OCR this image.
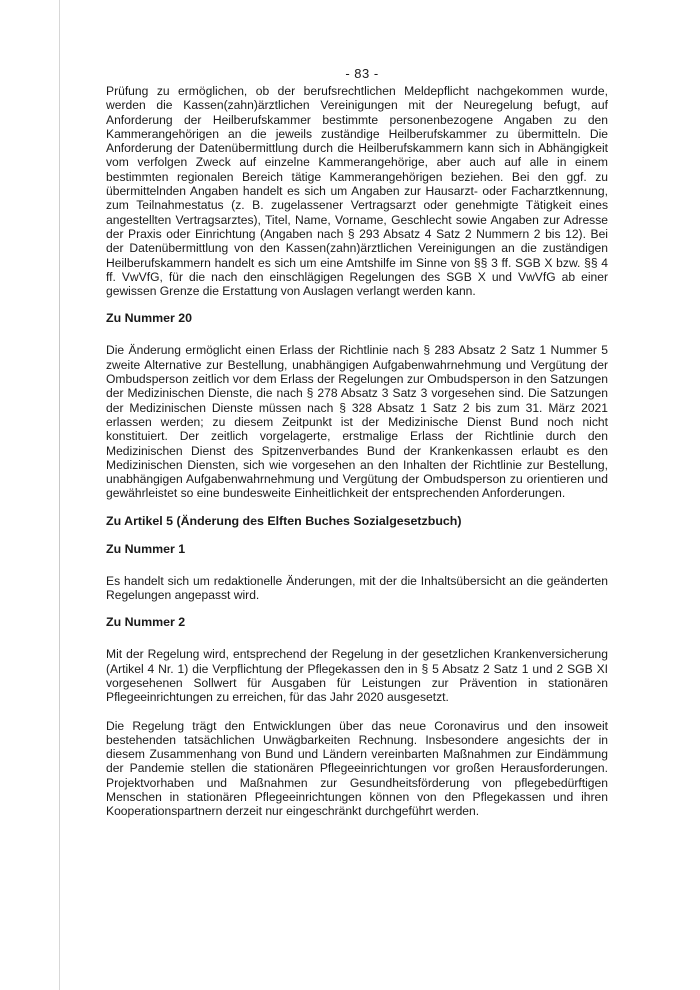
- 83 -

Prüfung zu ermöglichen, ob der berufsrechtlichen Meldepflicht nachgekommen wurde, werden die Kassen(zahn)ärztlichen Vereinigungen mit der Neuregelung befugt, auf Anforderung der Heilberufskammer bestimmte personenbezogene Angaben zu den Kammerangehörigen an die jeweils zuständige Heilberufskammer zu übermitteln. Die Anforderung der Datenübermittlung durch die Heilberufskammern kann sich in Abhängigkeit vom verfolgen Zweck auf einzelne Kammerangehörige, aber auch auf alle in einem bestimmten regionalen Bereich tätige Kammerangehörigen beziehen. Bei den ggf. zu übermittelnden Angaben handelt es sich um Angaben zur Hausarzt- oder Facharztkennung, zum Teilnahmestatus (z. B. zugelassener Vertragsarzt oder genehmigte Tätigkeit eines angestellten Vertragsarztes), Titel, Name, Vorname, Geschlecht sowie Angaben zur Adresse der Praxis oder Einrichtung (Angaben nach § 293 Absatz 4 Satz 2 Nummern 2 bis 12). Bei der Datenübermittlung von den Kassen(zahn)ärztlichen Vereinigungen an die zuständigen Heilberufskammern handelt es sich um eine Amtshilfe im Sinne von §§ 3 ff. SGB X bzw. §§ 4 ff. VwVfG, für die nach den einschlägigen Regelungen des SGB X und VwVfG ab einer gewissen Grenze die Erstattung von Auslagen verlangt werden kann.

Zu Nummer 20

Die Änderung ermöglicht einen Erlass der Richtlinie nach § 283 Absatz 2 Satz 1 Nummer 5 zweite Alternative zur Bestellung, unabhängigen Aufgabenwahrnehmung und Vergütung der Ombudsperson zeitlich vor dem Erlass der Regelungen zur Ombudsperson in den Satzungen der Medizinischen Dienste, die nach § 278 Absatz 3 Satz 3 vorgesehen sind. Die Satzungen der Medizinischen Dienste müssen nach § 328 Absatz 1 Satz 2 bis zum 31. März 2021 erlassen werden; zu diesem Zeitpunkt ist der Medizinische Dienst Bund noch nicht konstituiert. Der zeitlich vorgelagerte, erstmalige Erlass der Richtlinie durch den Medizinischen Dienst des Spitzenverbandes Bund der Krankenkassen erlaubt es den Medizinischen Diensten, sich wie vorgesehen an den Inhalten der Richtlinie zur Bestellung, unabhängigen Aufgabenwahrnehmung und Vergütung der Ombudsperson zu orientieren und gewährleistet so eine bundesweite Einheitlichkeit der entsprechenden Anforderungen.

Zu Artikel 5 (Änderung des Elften Buches Sozialgesetzbuch)
Zu Nummer 1

Es handelt sich um redaktionelle Änderungen, mit der die Inhaltsübersicht an die geänderten Regelungen angepasst wird.

Zu Nummer 2

Mit der Regelung wird, entsprechend der Regelung in der gesetzlichen Krankenversicherung (Artikel 4 Nr. 1) die Verpflichtung der Pflegekassen den in § 5 Absatz 2 Satz 1 und 2 SGB XI vorgesehenen Sollwert für Ausgaben für Leistungen zur Prävention in stationären Pflegeeinrichtungen zu erreichen, für das Jahr 2020 ausgesetzt.

Die Regelung trägt den Entwicklungen über das neue Coronavirus und den insoweit bestehenden tatsächlichen Unwägbarkeiten Rechnung. Insbesondere angesichts der in diesem Zusammenhang von Bund und Ländern vereinbarten Maßnahmen zur Eindämmung der Pandemie stellen die stationären Pflegeeinrichtungen vor großen Herausforderungen. Projektvorhaben und Maßnahmen zur Gesundheitsförderung von pflegebedürftigen Menschen in stationären Pflegeeinrichtungen können von den Pflegekassen und ihren Kooperationspartnern derzeit nur eingeschränkt durchgeführt werden.
